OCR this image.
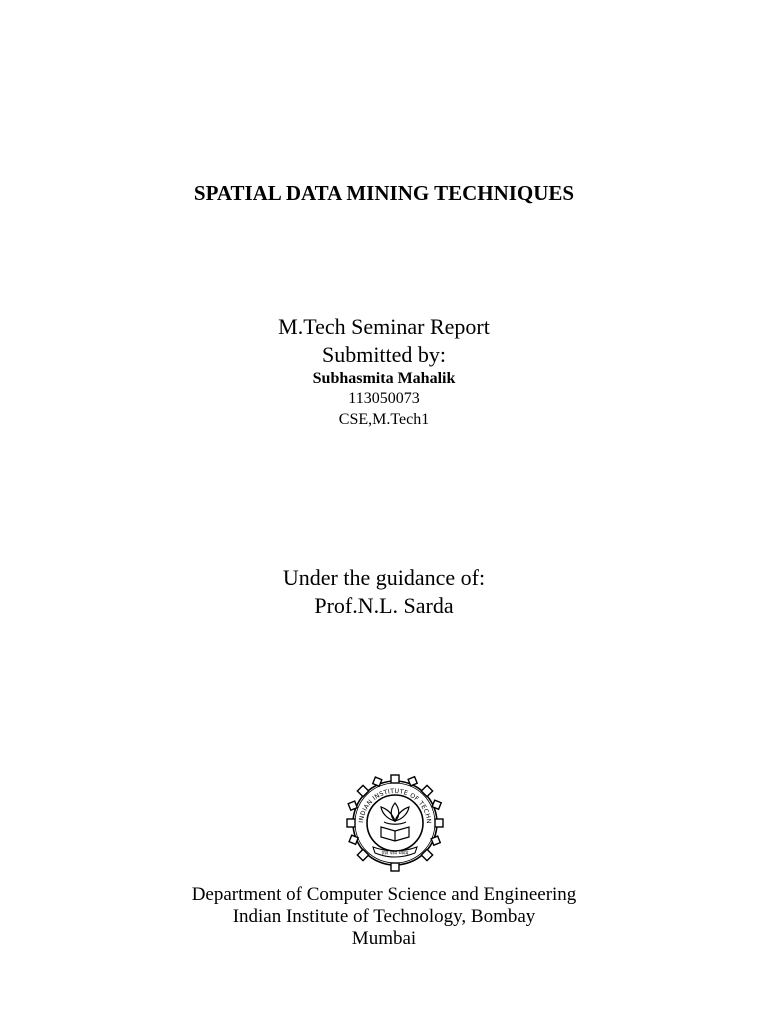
SPATIAL DATA MINING TECHNIQUES
M.Tech Seminar Report
Submitted by:
Subhasmita Mahalik
113050073
CSE,M.Tech1
Under the guidance of:
Prof.N.L. Sarda
INDIAN INSTITUTE OF TECHN
ज्ञानं परमं ध्येयम्
Department of Computer Science and Engineering
Indian Institute of Technology, Bombay
Mumbai
